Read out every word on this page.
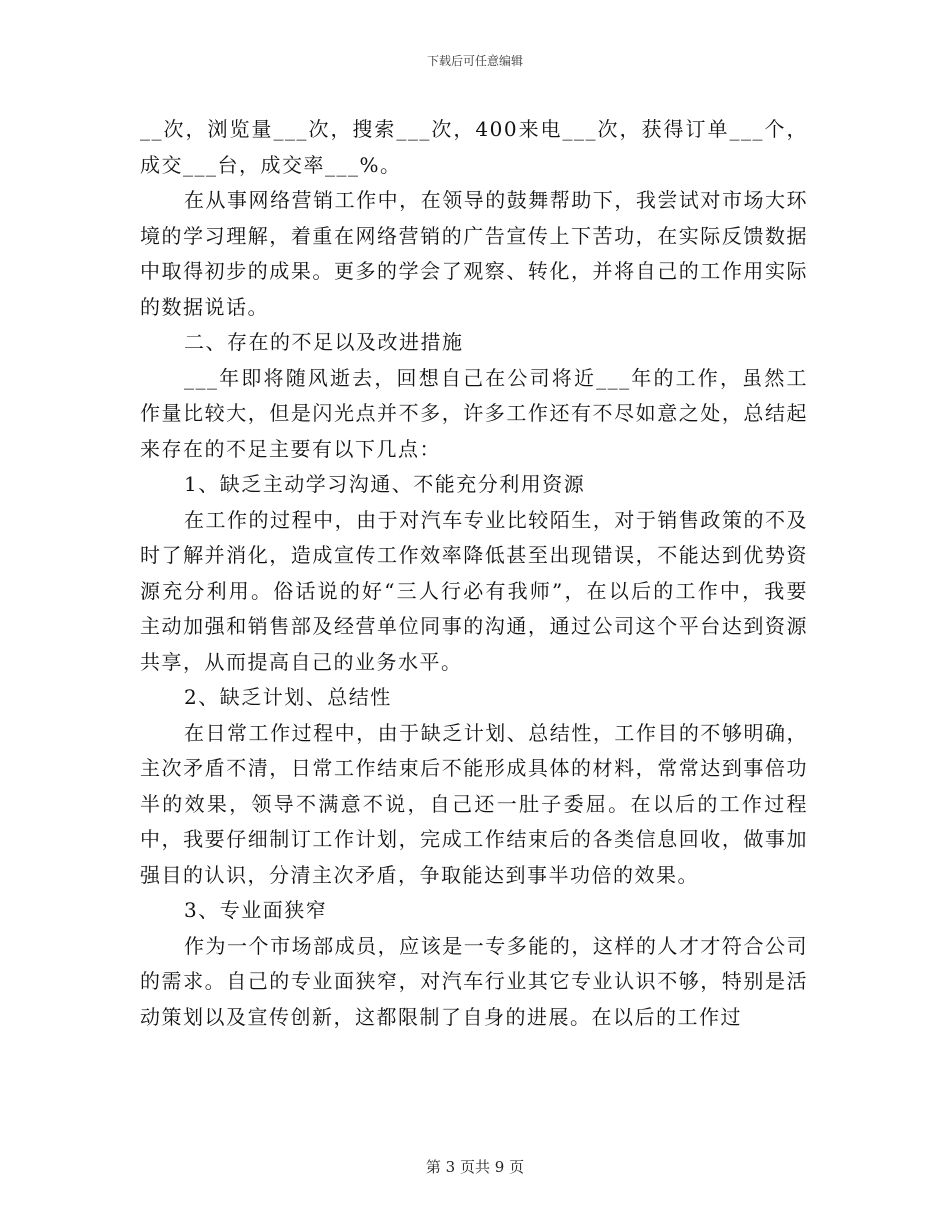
下载后可任意编辑

__次，浏览量___次，搜索___次，400来电___次，获得订单___个，成交___台，成交率___%。

在从事网络营销工作中，在领导的鼓舞帮助下，我尝试对市场大环境的学习理解，着重在网络营销的广告宣传上下苦功，在实际反馈数据中取得初步的成果。更多的学会了观察、转化，并将自己的工作用实际的数据说话。

二、存在的不足以及改进措施

___年即将随风逝去，回想自己在公司将近___年的工作，虽然工作量比较大，但是闪光点并不多，许多工作还有不尽如意之处，总结起来存在的不足主要有以下几点：

1、缺乏主动学习沟通、不能充分利用资源

在工作的过程中，由于对汽车专业比较陌生，对于销售政策的不及时了解并消化，造成宣传工作效率降低甚至出现错误，不能达到优势资源充分利用。俗话说的好“三人行必有我师”，在以后的工作中，我要主动加强和销售部及经营单位同事的沟通，通过公司这个平台达到资源共享，从而提高自己的业务水平。

2、缺乏计划、总结性

在日常工作过程中，由于缺乏计划、总结性，工作目的不够明确，主次矛盾不清，日常工作结束后不能形成具体的材料，常常达到事倍功半的效果，领导不满意不说，自己还一肚子委屈。在以后的工作过程中，我要仔细制订工作计划，完成工作结束后的各类信息回收，做事加强目的认识，分清主次矛盾，争取能达到事半功倍的效果。

3、专业面狭窄

作为一个市场部成员，应该是一专多能的，这样的人才才符合公司的需求。自己的专业面狭窄，对汽车行业其它专业认识不够，特别是活动策划以及宣传创新，这都限制了自身的进展。在以后的工作过

第 3 页共 9 页
